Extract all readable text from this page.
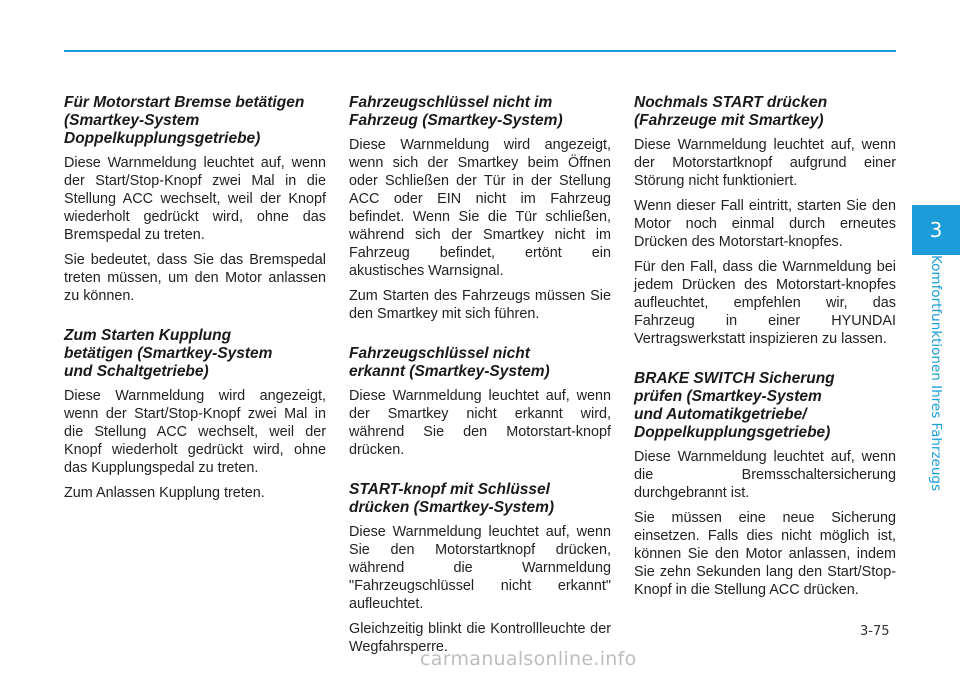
Für Motorstart Bremse betätigen
(Smartkey-System
Doppelkupplungsgetriebe)

Diese Warnmeldung leuchtet auf, wenn der Start/Stop-Knopf zwei Mal in die Stellung ACC wechselt, weil der Knopf wiederholt gedrückt wird, ohne das Bremspedal zu treten.

Sie bedeutet, dass Sie das Bremspedal treten müssen, um den Motor anlassen zu können.

Zum Starten Kupplung
betätigen (Smartkey-System
und Schaltgetriebe)

Diese Warnmeldung wird angezeigt, wenn der Start/Stop-Knopf zwei Mal in die Stellung ACC wechselt, weil der Knopf wiederholt gedrückt wird, ohne das Kupplungspedal zu treten.

Zum Anlassen Kupplung treten.

Fahrzeugschlüssel nicht im
Fahrzeug (Smartkey-System)

Diese Warnmeldung wird angezeigt, wenn sich der Smartkey beim Öffnen oder Schließen der Tür in der Stellung ACC oder EIN nicht im Fahrzeug befindet. Wenn Sie die Tür schließen, während sich der Smartkey nicht im Fahrzeug befindet, ertönt ein akustisches Warnsignal.

Zum Starten des Fahrzeugs müssen Sie den Smartkey mit sich führen.

Fahrzeugschlüssel nicht
erkannt (Smartkey-System)

Diese Warnmeldung leuchtet auf, wenn der Smartkey nicht erkannt wird, während Sie den Motorstart-knopf drücken.

START-knopf mit Schlüssel
drücken (Smartkey-System)

Diese Warnmeldung leuchtet auf, wenn Sie den Motorstartknopf drücken, während die Warnmeldung "Fahrzeugschlüssel nicht erkannt" aufleuchtet.

Gleichzeitig blinkt die Kontrollleuchte der Wegfahrsperre.

Nochmals START drücken
(Fahrzeuge mit Smartkey)

Diese Warnmeldung leuchtet auf, wenn der Motorstartknopf aufgrund einer Störung nicht funktioniert.

Wenn dieser Fall eintritt, starten Sie den Motor noch einmal durch erneutes Drücken des Motorstart-knopfes.

Für den Fall, dass die Warnmeldung bei jedem Drücken des Motorstart-knopfes aufleuchtet, empfehlen wir, das Fahrzeug in einer HYUNDAI Vertragswerkstatt inspizieren zu lassen.

BRAKE SWITCH Sicherung
prüfen (Smartkey-System
und Automatikgetriebe/
Doppelkupplungsgetriebe)

Diese Warnmeldung leuchtet auf, wenn die Bremsschaltersicherung durchgebrannt ist.

Sie müssen eine neue Sicherung einsetzen. Falls dies nicht möglich ist, können Sie den Motor anlassen, indem Sie zehn Sekunden lang den Start/Stop-Knopf in die Stellung ACC drücken.

3
Komfortfunktionen Ihres Fahrzeugs
3-75
carmanualsonline.info
